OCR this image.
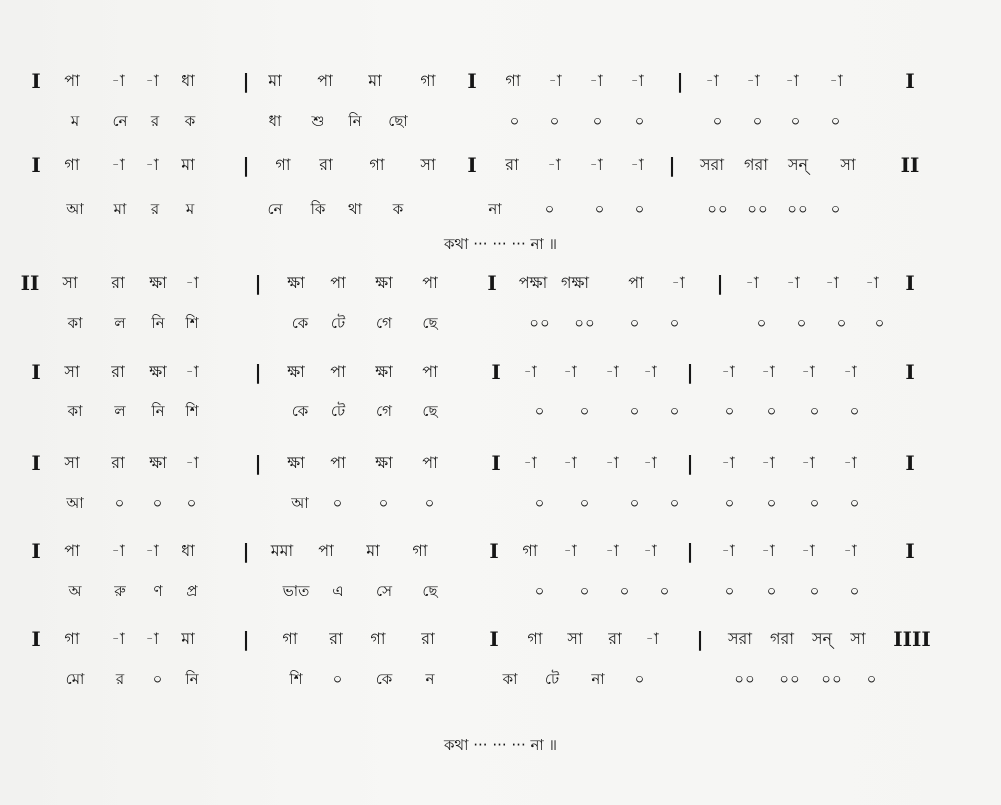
I পা -া -া ধা | মা পা মা গা I গা -া -া -া | -া -া -া -া	I
ম নে র ক	ধা শু নি ছো	০ ০ ০ ০	০ ০ ০ ০
I গা -া -া মা | গা রা গা সা I রা -া -া -া | সরা গরা সন্ সা II
আ মা র ম	নে কি থা ক	না	০	০ ০	০০ ০০ ০০ ০
II সা রা ক্ষা -া	| ক্ষা পা ক্ষা পা I পক্ষা গক্ষা পা -া | -া -া -া -া I
কা ল নি শি	কে টে গে ছে	০০ ০০ ০ ০	০ ০ ০ ০
I সা রা ক্ষা -া	| ক্ষা পা ক্ষা পা	I -া -া -া -া | -া -া -া -া I
কা ল নি শি	কে টে গে ছে	০ ০	০ ০	০ ০ ০ ০
I সা রা ক্ষা -া	| ক্ষা পা ক্ষা পা	I -া -া -া -া | -া -া -া -া I
আ ০ ০ ০	আ ০ ০ ০	০ ০	০ ০	০ ০ ০ ০
I পা -া -া ধা | মমা পা মা গা	I গা -া -া -া | -া -া -া -া I
অ রু ণ প্র	ভাত এ সে ছে	০ ০ ০ ০	০ ০ ০ ০
I গা -া -া মা | গা রা গা রা	I গা সা রা -া | সরা গরা সন্ সা IIII
মো র ০ নি	শি ০ কে ন	কা টে না ০	০০ ০০ ০০ ০
কথা ··· ··· ··· না ॥
কথা ··· ··· ··· না ॥
